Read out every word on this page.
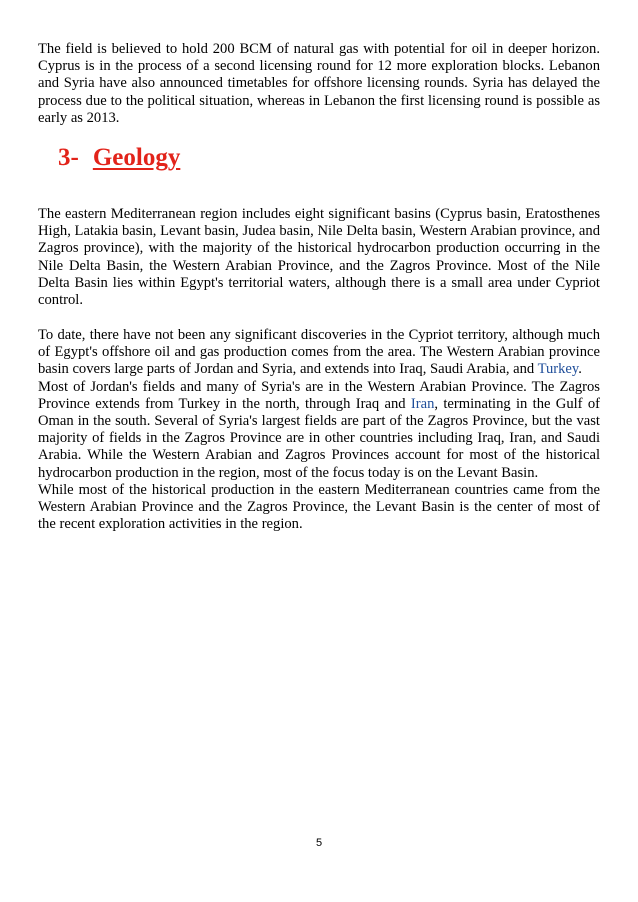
The field is believed to hold 200 BCM of natural gas with potential for oil in deeper horizon. Cyprus is in the process of a second licensing round for 12 more exploration blocks. Lebanon and Syria have also announced timetables for offshore licensing rounds. Syria has delayed the process due to the political situation, whereas in Lebanon the first licensing round is possible as early as 2013.

3- Geology

The eastern Mediterranean region includes eight significant basins (Cyprus basin, Eratosthenes High, Latakia basin, Levant basin, Judea basin, Nile Delta basin, Western Arabian province, and Zagros province), with the majority of the historical hydrocarbon production occurring in the Nile Delta Basin, the Western Arabian Province, and the Zagros Province. Most of the Nile Delta Basin lies within Egypt's territorial waters, although there is a small area under Cypriot control.

To date, there have not been any significant discoveries in the Cypriot territory, although much of Egypt's offshore oil and gas production comes from the area. The Western Arabian province basin covers large parts of Jordan and Syria, and extends into Iraq, Saudi Arabia, and Turkey.

Most of Jordan's fields and many of Syria's are in the Western Arabian Province. The Zagros Province extends from Turkey in the north, through Iraq and Iran, terminating in the Gulf of Oman in the south. Several of Syria's largest fields are part of the Zagros Province, but the vast majority of fields in the Zagros Province are in other countries including Iraq, Iran, and Saudi Arabia. While the Western Arabian and Zagros Provinces account for most of the historical hydrocarbon production in the region, most of the focus today is on the Levant Basin.

While most of the historical production in the eastern Mediterranean countries came from the Western Arabian Province and the Zagros Province, the Levant Basin is the center of most of the recent exploration activities in the region.

5
